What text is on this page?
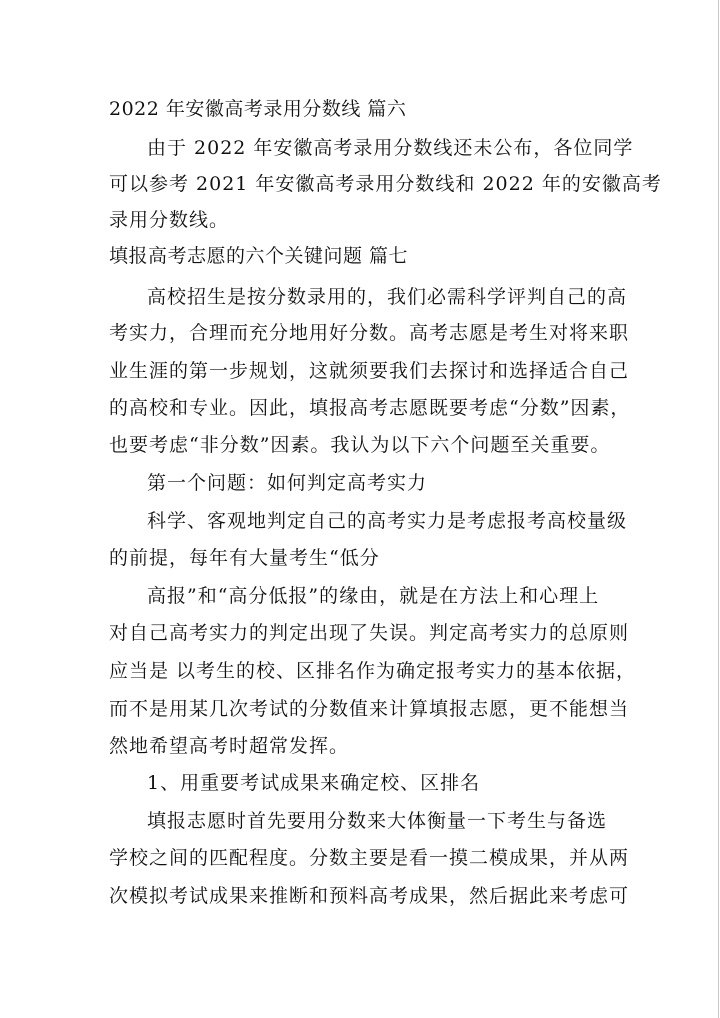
2022 年安徽高考录用分数线 篇六
由于 2022 年安徽高考录用分数线还未公布，各位同学
可以参考 2021 年安徽高考录用分数线和 2022 年的安徽高考
录用分数线。
填报高考志愿的六个关键问题 篇七
高校招生是按分数录用的，我们必需科学评判自己的高
考实力，合理而充分地用好分数。高考志愿是考生对将来职
业生涯的第一步规划，这就须要我们去探讨和选择适合自己
的高校和专业。因此，填报高考志愿既要考虑“分数”因素，
也要考虑“非分数”因素。我认为以下六个问题至关重要。
第一个问题：如何判定高考实力
科学、客观地判定自己的高考实力是考虑报考高校量级
的前提，每年有大量考生“低分
高报”和“高分低报”的缘由，就是在方法上和心理上
对自己高考实力的判定出现了失误。判定高考实力的总原则
应当是 以考生的校、区排名作为确定报考实力的基本依据，
而不是用某几次考试的分数值来计算填报志愿，更不能想当
然地希望高考时超常发挥。
1、用重要考试成果来确定校、区排名
填报志愿时首先要用分数来大体衡量一下考生与备选
学校之间的匹配程度。分数主要是看一摸二模成果，并从两
次模拟考试成果来推断和预料高考成果，然后据此来考虑可
